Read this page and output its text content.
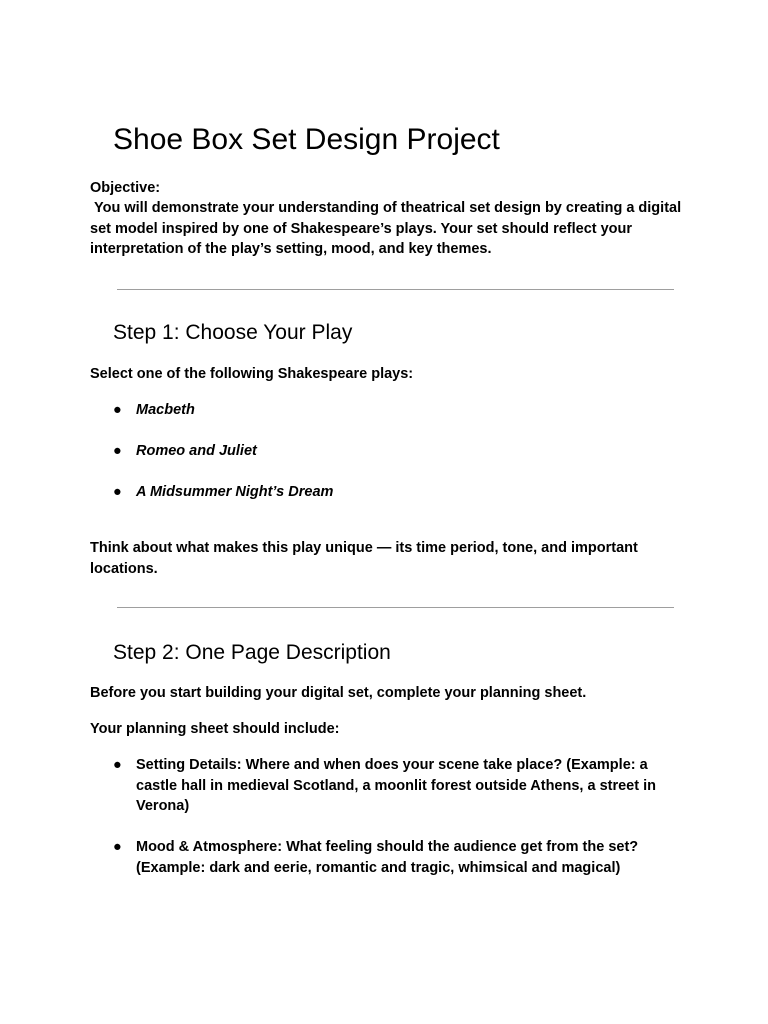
Shoe Box Set Design Project

Objective:

You will demonstrate your understanding of theatrical set design by creating a digital set model inspired by one of Shakespeare’s plays. Your set should reflect your interpretation of the play’s setting, mood, and key themes.

Step 1: Choose Your Play

Select one of the following Shakespeare plays:

● Macbeth
● Romeo and Juliet
● A Midsummer Night’s Dream

Think about what makes this play unique — its time period, tone, and important locations.

Step 2: One Page Description

Before you start building your digital set, complete your planning sheet.

Your planning sheet should include:

● Setting Details: Where and when does your scene take place? (Example: a castle hall in medieval Scotland, a moonlit forest outside Athens, a street in Verona)
● Mood & Atmosphere: What feeling should the audience get from the set? (Example: dark and eerie, romantic and tragic, whimsical and magical)
